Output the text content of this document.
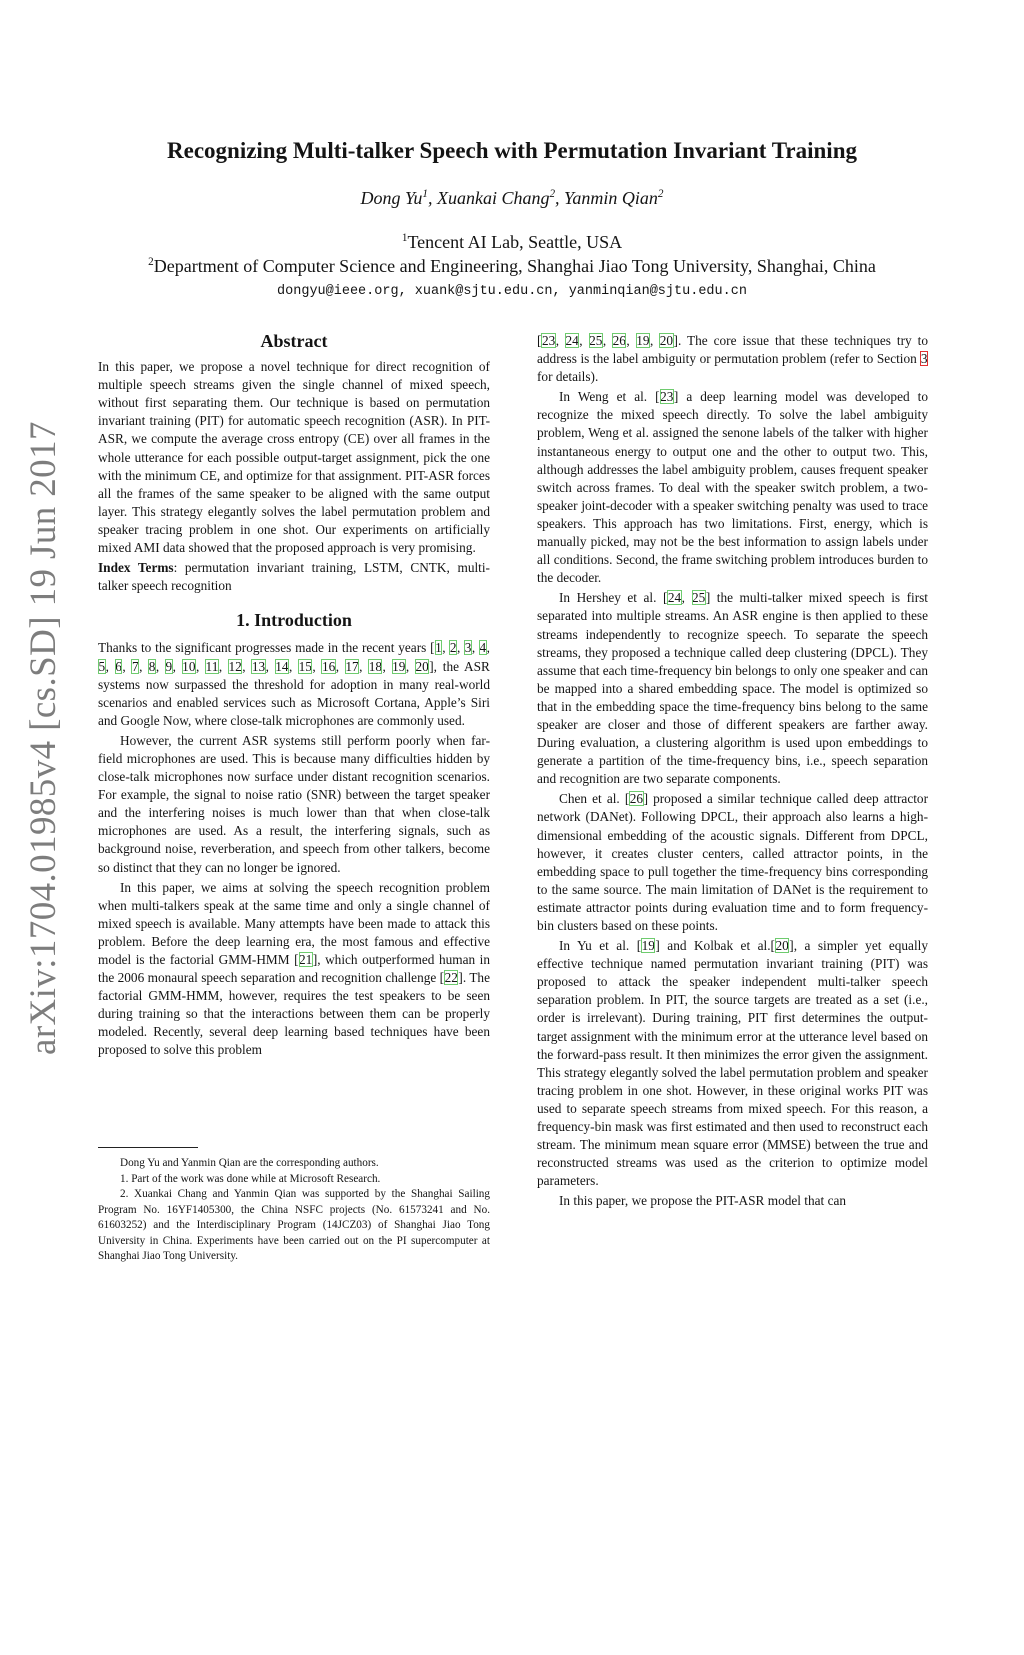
arXiv:1704.01985v4 [cs.SD] 19 Jun 2017
Recognizing Multi-talker Speech with Permutation Invariant Training
Dong Yu$^1$, Xuankai Chang$^2$, Yanmin Qian$^2$
$^1$Tencent AI Lab, Seattle, USA
$^2$Department of Computer Science and Engineering, Shanghai Jiao Tong University, Shanghai, China
dongyu@ieee.org, xuank@sjtu.edu.cn, yanminqian@sjtu.edu.cn
Abstract

In this paper, we propose a novel technique for direct recognition of multiple speech streams given the single channel of mixed speech, without first separating them. Our technique is based on permutation invariant training (PIT) for automatic speech recognition (ASR). In PIT-ASR, we compute the average cross entropy (CE) over all frames in the whole utterance for each possible output-target assignment, pick the one with the minimum CE, and optimize for that assignment. PIT-ASR forces all the frames of the same speaker to be aligned with the same output layer. This strategy elegantly solves the label permutation problem and speaker tracing problem in one shot. Our experiments on artificially mixed AMI data showed that the proposed approach is very promising.

Index Terms: permutation invariant training, LSTM, CNTK, multi-talker speech recognition

1. Introduction

Thanks to the significant progresses made in the recent years [1, 2, 3, 4, 5, 6, 7, 8, 9, 10, 11, 12, 13, 14, 15, 16, 17, 18, 19, 20], the ASR systems now surpassed the threshold for adoption in many real-world scenarios and enabled services such as Microsoft Cortana, Apple’s Siri and Google Now, where close-talk microphones are commonly used.

However, the current ASR systems still perform poorly when far-field microphones are used. This is because many difficulties hidden by close-talk microphones now surface under distant recognition scenarios. For example, the signal to noise ratio (SNR) between the target speaker and the interfering noises is much lower than that when close-talk microphones are used. As a result, the interfering signals, such as background noise, reverberation, and speech from other talkers, become so distinct that they can no longer be ignored.

In this paper, we aims at solving the speech recognition problem when multi-talkers speak at the same time and only a single channel of mixed speech is available. Many attempts have been made to attack this problem. Before the deep learning era, the most famous and effective model is the factorial GMM-HMM [21], which outperformed human in the 2006 monaural speech separation and recognition challenge [22]. The factorial GMM-HMM, however, requires the test speakers to be seen during training so that the interactions between them can be properly modeled. Recently, several deep learning based techniques have been proposed to solve this problem

Dong Yu and Yanmin Qian are the corresponding authors.

1. Part of the work was done while at Microsoft Research.

2. Xuankai Chang and Yanmin Qian was supported by the Shanghai Sailing Program No. 16YF1405300, the China NSFC projects (No. 61573241 and No. 61603252) and the Interdisciplinary Program (14JCZ03) of Shanghai Jiao Tong University in China. Experiments have been carried out on the PI supercomputer at Shanghai Jiao Tong University.

[23, 24, 25, 26, 19, 20]. The core issue that these techniques try to address is the label ambiguity or permutation problem (refer to Section 3 for details).

In Weng et al. [23] a deep learning model was developed to recognize the mixed speech directly. To solve the label ambiguity problem, Weng et al. assigned the senone labels of the talker with higher instantaneous energy to output one and the other to output two. This, although addresses the label ambiguity problem, causes frequent speaker switch across frames. To deal with the speaker switch problem, a two-speaker joint-decoder with a speaker switching penalty was used to trace speakers. This approach has two limitations. First, energy, which is manually picked, may not be the best information to assign labels under all conditions. Second, the frame switching problem introduces burden to the decoder.

In Hershey et al. [24, 25] the multi-talker mixed speech is first separated into multiple streams. An ASR engine is then applied to these streams independently to recognize speech. To separate the speech streams, they proposed a technique called deep clustering (DPCL). They assume that each time-frequency bin belongs to only one speaker and can be mapped into a shared embedding space. The model is optimized so that in the embedding space the time-frequency bins belong to the same speaker are closer and those of different speakers are farther away. During evaluation, a clustering algorithm is used upon embeddings to generate a partition of the time-frequency bins, i.e., speech separation and recognition are two separate components.

Chen et al. [26] proposed a similar technique called deep attractor network (DANet). Following DPCL, their approach also learns a high-dimensional embedding of the acoustic signals. Different from DPCL, however, it creates cluster centers, called attractor points, in the embedding space to pull together the time-frequency bins corresponding to the same source. The main limitation of DANet is the requirement to estimate attractor points during evaluation time and to form frequency-bin clusters based on these points.

In Yu et al. [19] and Kolbak et al.[20], a simpler yet equally effective technique named permutation invariant training (PIT) was proposed to attack the speaker independent multi-talker speech separation problem. In PIT, the source targets are treated as a set (i.e., order is irrelevant). During training, PIT first determines the output-target assignment with the minimum error at the utterance level based on the forward-pass result. It then minimizes the error given the assignment. This strategy elegantly solved the label permutation problem and speaker tracing problem in one shot. However, in these original works PIT was used to separate speech streams from mixed speech. For this reason, a frequency-bin mask was first estimated and then used to reconstruct each stream. The minimum mean square error (MMSE) between the true and reconstructed streams was used as the criterion to optimize model parameters.

In this paper, we propose the PIT-ASR model that can
